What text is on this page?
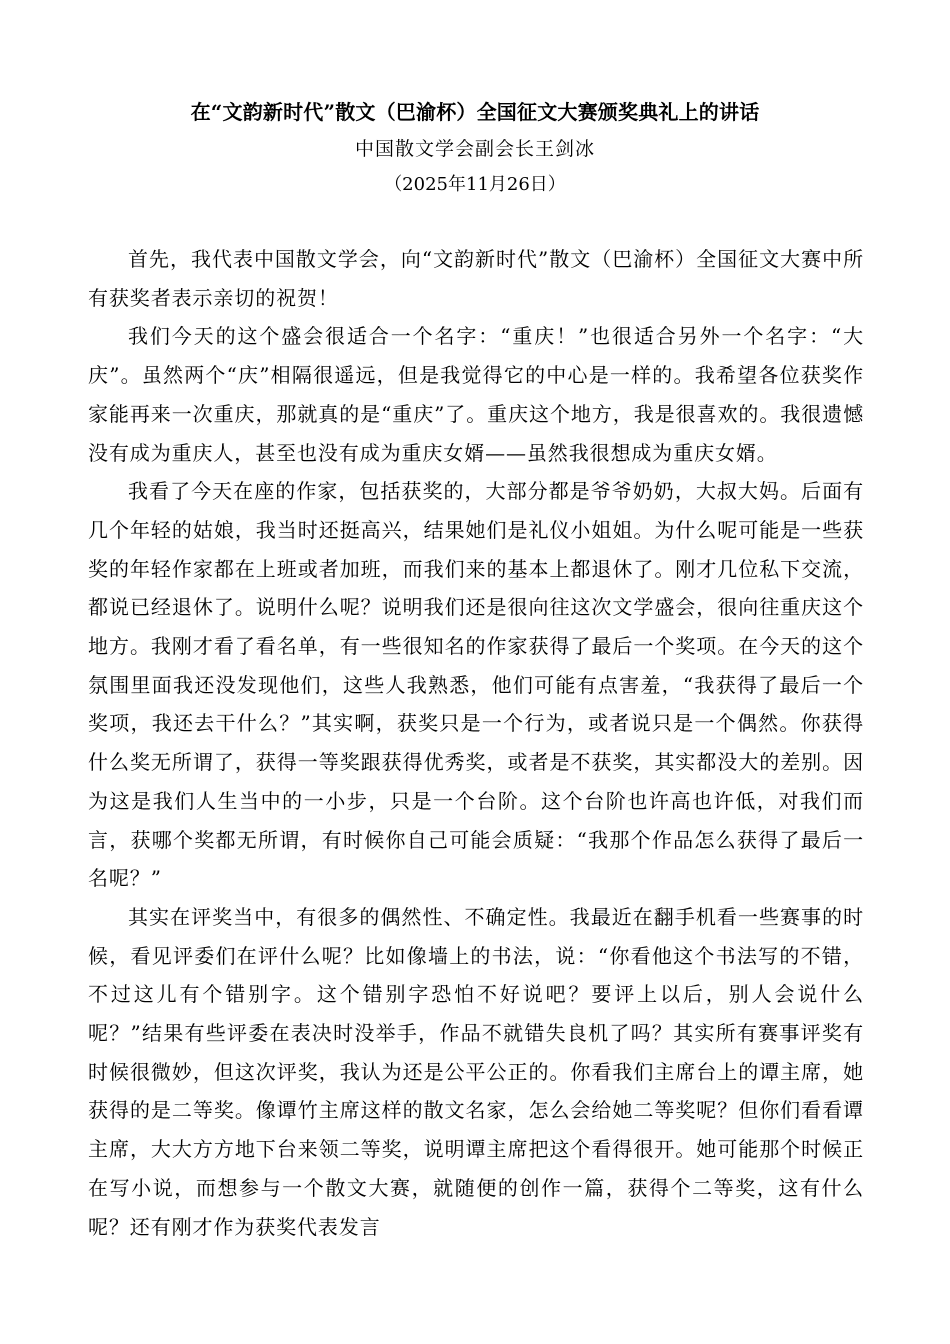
在“文韵新时代”散文（巴渝杯）全国征文大赛颁奖典礼上的讲话
中国散文学会副会长王剑冰
（2025年11月26日）

首先，我代表中国散文学会，向“文韵新时代”散文（巴渝杯）全国征文大赛中所有获奖者表示亲切的祝贺！

我们今天的这个盛会很适合一个名字：“重庆！”也很适合另外一个名字：“大庆”。虽然两个“庆”相隔很遥远，但是我觉得它的中心是一样的。我希望各位获奖作家能再来一次重庆，那就真的是“重庆”了。重庆这个地方，我是很喜欢的。我很遗憾没有成为重庆人，甚至也没有成为重庆女婿——虽然我很想成为重庆女婿。

我看了今天在座的作家，包括获奖的，大部分都是爷爷奶奶，大叔大妈。后面有几个年轻的姑娘，我当时还挺高兴，结果她们是礼仪小姐姐。为什么呢可能是一些获奖的年轻作家都在上班或者加班，而我们来的基本上都退休了。刚才几位私下交流，都说已经退休了。说明什么呢？说明我们还是很向往这次文学盛会，很向往重庆这个地方。我刚才看了看名单，有一些很知名的作家获得了最后一个奖项。在今天的这个氛围里面我还没发现他们，这些人我熟悉，他们可能有点害羞，“我获得了最后一个奖项，我还去干什么？”其实啊，获奖只是一个行为，或者说只是一个偶然。你获得什么奖无所谓了，获得一等奖跟获得优秀奖，或者是不获奖，其实都没大的差别。因为这是我们人生当中的一小步，只是一个台阶。这个台阶也许高也许低，对我们而言，获哪个奖都无所谓，有时候你自己可能会质疑：“我那个作品怎么获得了最后一名呢？”

其实在评奖当中，有很多的偶然性、不确定性。我最近在翻手机看一些赛事的时候，看见评委们在评什么呢？比如像墙上的书法，说：“你看他这个书法写的不错，不过这儿有个错别字。这个错别字恐怕不好说吧？要评上以后，别人会说什么呢？”结果有些评委在表决时没举手，作品不就错失良机了吗？其实所有赛事评奖有时候很微妙，但这次评奖，我认为还是公平公正的。你看我们主席台上的谭主席，她获得的是二等奖。像谭竹主席这样的散文名家，怎么会给她二等奖呢？但你们看看谭主席，大大方方地下台来领二等奖，说明谭主席把这个看得很开。她可能那个时候正在写小说，而想参与一个散文大赛，就随便的创作一篇，获得个二等奖，这有什么呢？还有刚才作为获奖代表发言
